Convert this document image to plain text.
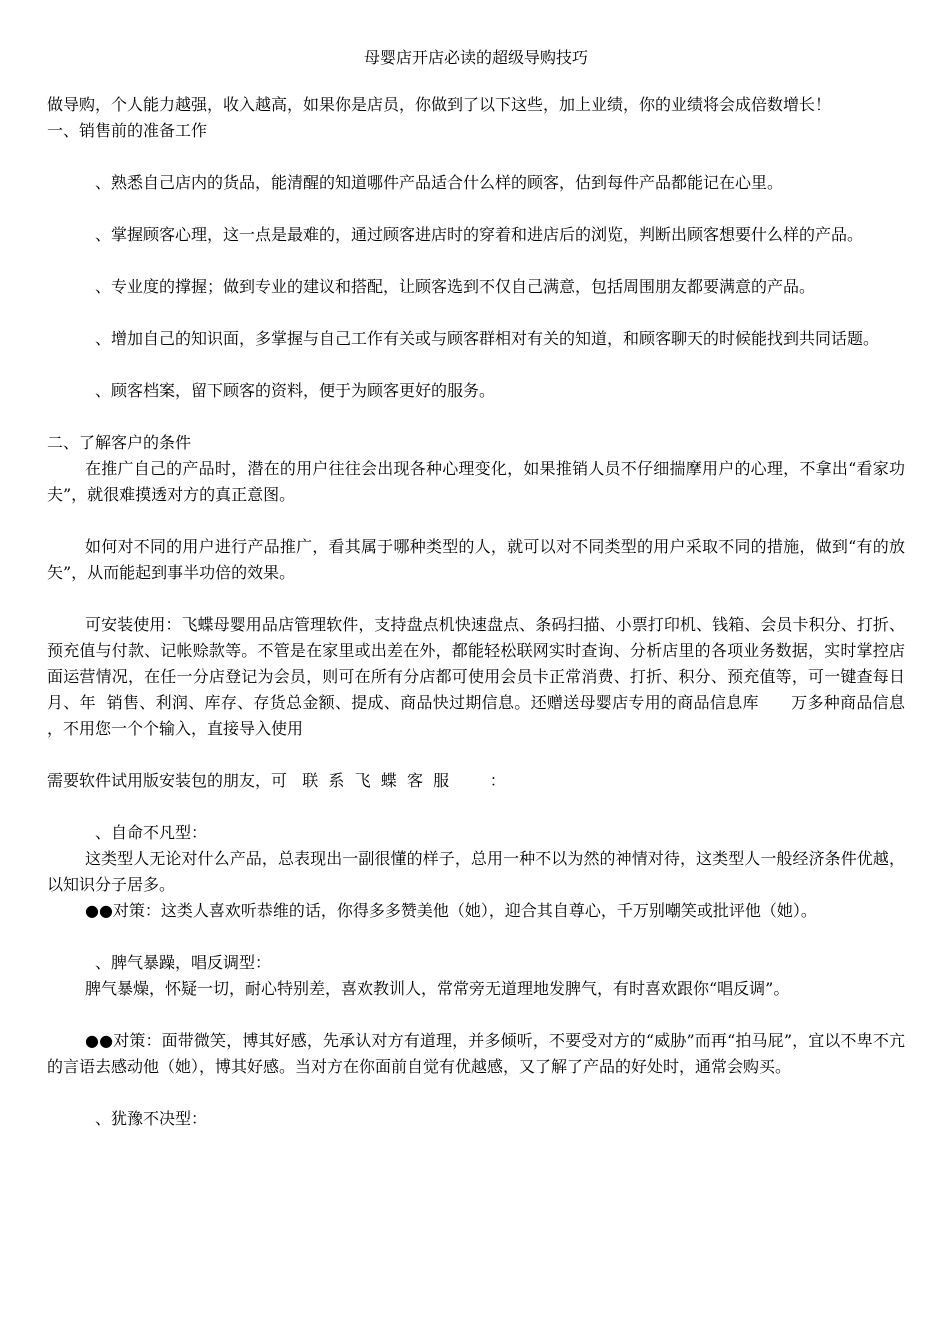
母婴店开店必读的超级导购技巧

做导购，个人能力越强，收入越高，如果你是店员，你做到了以下这些，加上业绩，你的业绩将会成倍数增长！

一、销售前的准备工作

、熟悉自己店内的货品，能清醒的知道哪件产品适合什么样的顾客，估到每件产品都能记在心里。

、掌握顾客心理，这一点是最难的，通过顾客进店时的穿着和进店后的浏览，判断出顾客想要什么样的产品。

、专业度的撑握；做到专业的建议和搭配，让顾客选到不仅自己满意，包括周围朋友都要满意的产品。

、增加自己的知识面，多掌握与自己工作有关或与顾客群相对有关的知道，和顾客聊天的时候能找到共同话题。

、顾客档案，留下顾客的资料，便于为顾客更好的服务。

二、了解客户的条件

在推广自己的产品时，潜在的用户往往会出现各种心理变化，如果推销人员不仔细揣摩用户的心理，不拿出“看家功夫”，就很难摸透对方的真正意图。

如何对不同的用户进行产品推广，看其属于哪种类型的人，就可以对不同类型的用户采取不同的措施，做到“有的放矢”，从而能起到事半功倍的效果。

可安装使用：飞蝶母婴用品店管理软件，支持盘点机快速盘点、条码扫描、小票打印机、钱箱、会员卡积分、打折、预充值与付款、记帐赊款等。不管是在家里或出差在外，都能轻松联网实时查询、分析店里的各项业务数据，实时掌控店面运营情况，在任一分店登记为会员，则可在所有分店都可使用会员卡正常消费、打折、积分、预充值等，可一键查每日  月、年  销售、利润、库存、存货总金额、提成、商品快过期信息。还赠送母婴店专用的商品信息库      万多种商品信息  ，不用您一个个输入，直接导入使用

需要软件试用版安装包的朋友，可   联  系  飞  蝶  客  服        ：

、自命不凡型：

这类型人无论对什么产品，总表现出一副很懂的样子，总用一种不以为然的神情对待，这类型人一般经济条件优越，以知识分子居多。

●●对策：这类人喜欢听恭维的话，你得多多赞美他（她），迎合其自尊心，千万别嘲笑或批评他（她）。

、脾气暴躁，唱反调型：

脾气暴燥，怀疑一切，耐心特别差，喜欢教训人，常常旁无道理地发脾气，有时喜欢跟你“唱反调”。

●●对策：面带微笑，博其好感，先承认对方有道理，并多倾听，不要受对方的“威胁”而再“拍马屁”，宜以不卑不亢的言语去感动他（她），博其好感。当对方在你面前自觉有优越感，又了解了产品的好处时，通常会购买。

、犹豫不决型：
